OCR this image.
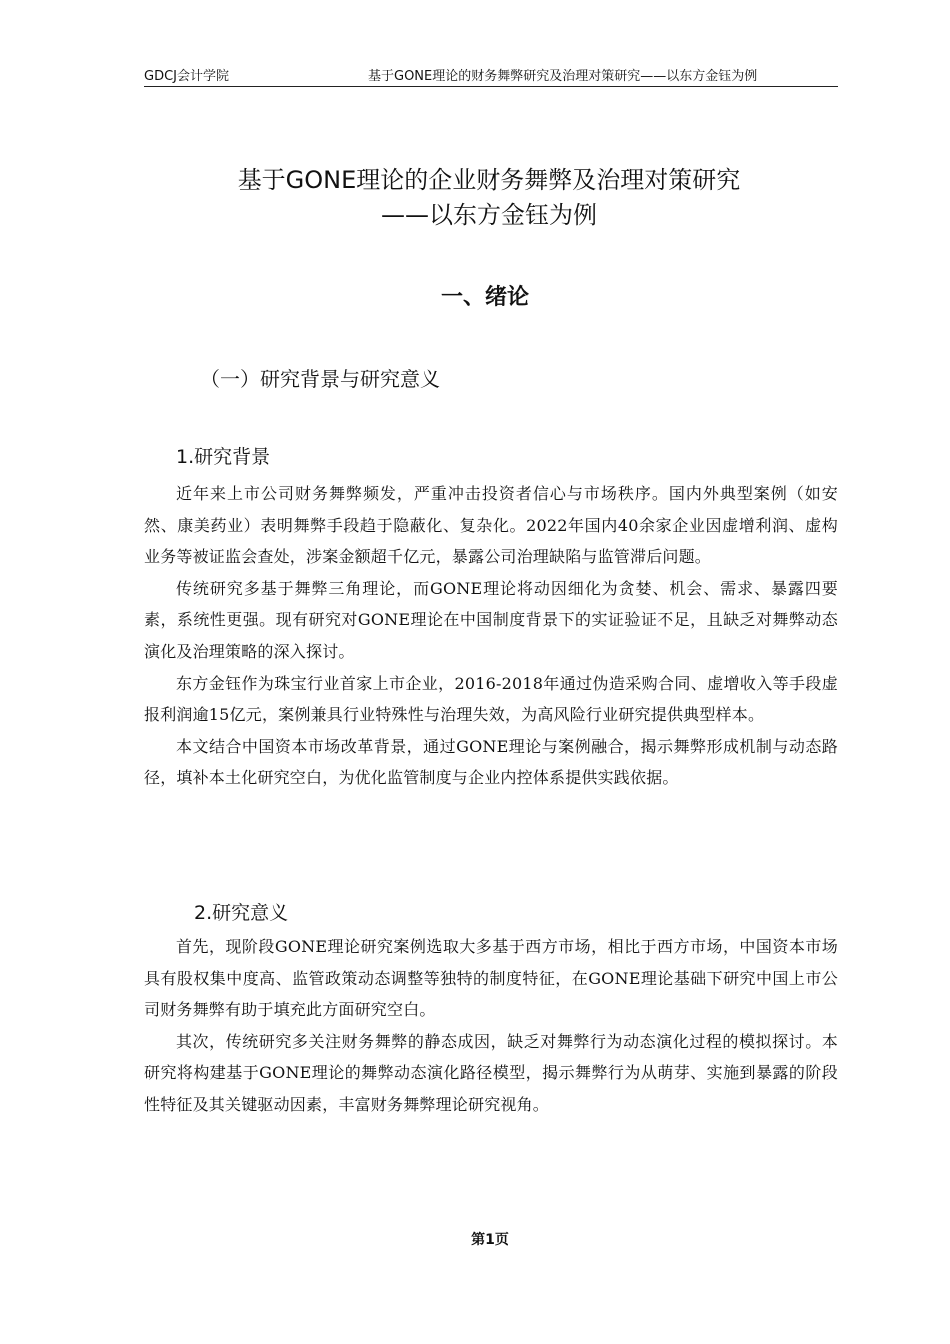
GDCJ会计学院	基于GONE理论的财务舞弊研究及治理对策研究——以东方金钰为例
基于GONE理论的企业财务舞弊及治理对策研究
——以东方金钰为例
一、绪论
（一）研究背景与研究意义
1.研究背景

近年来上市公司财务舞弊频发，严重冲击投资者信心与市场秩序。国内外典型案例（如安然、康美药业）表明舞弊手段趋于隐蔽化、复杂化。2022年国内40余家企业因虚增利润、虚构业务等被证监会查处，涉案金额超千亿元，暴露公司治理缺陷与监管滞后问题。

传统研究多基于舞弊三角理论，而GONE理论将动因细化为贪婪、机会、需求、暴露四要素，系统性更强。现有研究对GONE理论在中国制度背景下的实证验证不足，且缺乏对舞弊动态演化及治理策略的深入探讨。

东方金钰作为珠宝行业首家上市企业，2016-2018年通过伪造采购合同、虚增收入等手段虚报利润逾15亿元，案例兼具行业特殊性与治理失效，为高风险行业研究提供典型样本。

本文结合中国资本市场改革背景，通过GONE理论与案例融合，揭示舞弊形成机制与动态路径，填补本土化研究空白，为优化监管制度与企业内控体系提供实践依据。

2.研究意义

首先，现阶段GONE理论研究案例选取大多基于西方市场，相比于西方市场，中国资本市场具有股权集中度高、监管政策动态调整等独特的制度特征，在GONE理论基础下研究中国上市公司财务舞弊有助于填充此方面研究空白。

其次，传统研究多关注财务舞弊的静态成因，缺乏对舞弊行为动态演化过程的模拟探讨。本研究将构建基于GONE理论的舞弊动态演化路径模型，揭示舞弊行为从萌芽、实施到暴露的阶段性特征及其关键驱动因素，丰富财务舞弊理论研究视角。

第1页
